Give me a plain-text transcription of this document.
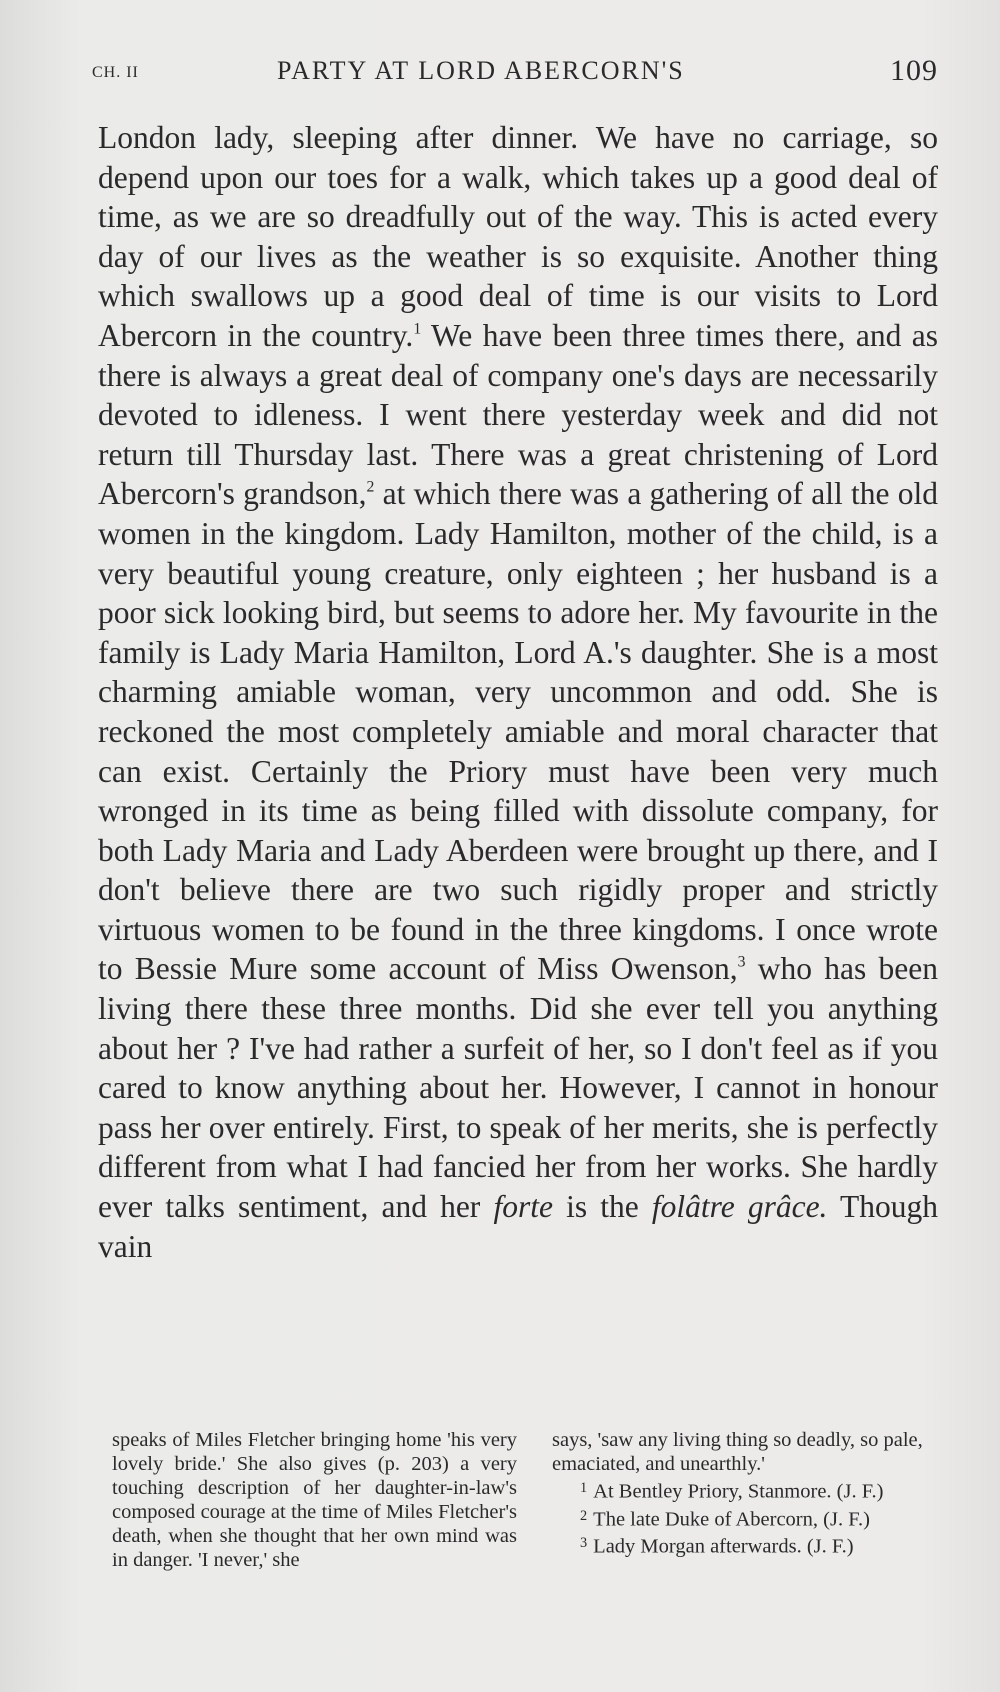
CH. II	PARTY AT LORD ABERCORN'S	109

London lady, sleeping after dinner. We have no carriage, so depend upon our toes for a walk, which takes up a good deal of time, as we are so dreadfully out of the way. This is acted every day of our lives as the weather is so exquisite. Another thing which swallows up a good deal of time is our visits to Lord Abercorn in the country.$^1$ We have been three times there, and as there is always a great deal of company one's days are necessarily devoted to idleness. I went there yesterday week and did not return till Thursday last. There was a great christening of Lord Abercorn's grandson,$^2$ at which there was a gathering of all the old women in the kingdom. Lady Hamilton, mother of the child, is a very beautiful young creature, only eighteen ; her husband is a poor sick looking bird, but seems to adore her. My favourite in the family is Lady Maria Hamilton, Lord A.'s daughter. She is a most charming amiable woman, very uncommon and odd. She is reckoned the most completely amiable and moral character that can exist. Certainly the Priory must have been very much wronged in its time as being filled with dissolute company, for both Lady Maria and Lady Aberdeen were brought up there, and I don't believe there are two such rigidly proper and strictly virtuous women to be found in the three kingdoms. I once wrote to Bessie Mure some account of Miss Owenson,$^3$ who has been living there these three months. Did she ever tell you anything about her ? I've had rather a surfeit of her, so I don't feel as if you cared to know anything about her. However, I cannot in honour pass her over entirely. First, to speak of her merits, she is perfectly different from what I had fancied her from her works. She hardly ever talks sentiment, and her forte is the folâtre grâce. Though vain

speaks of Miles Fletcher bringing home 'his very lovely bride.' She also gives (p. 203) a very touching description of her daughter-in-law's composed courage at the time of Miles Fletcher's death, when she thought that her own mind was in danger. 'I never,' she

says, 'saw any living thing so deadly, so pale, emaciated, and unearthly.'

$^1$ At Bentley Priory, Stanmore. (J. F.)

$^2$ The late Duke of Abercorn, (J. F.)

$^3$ Lady Morgan afterwards. (J. F.)
